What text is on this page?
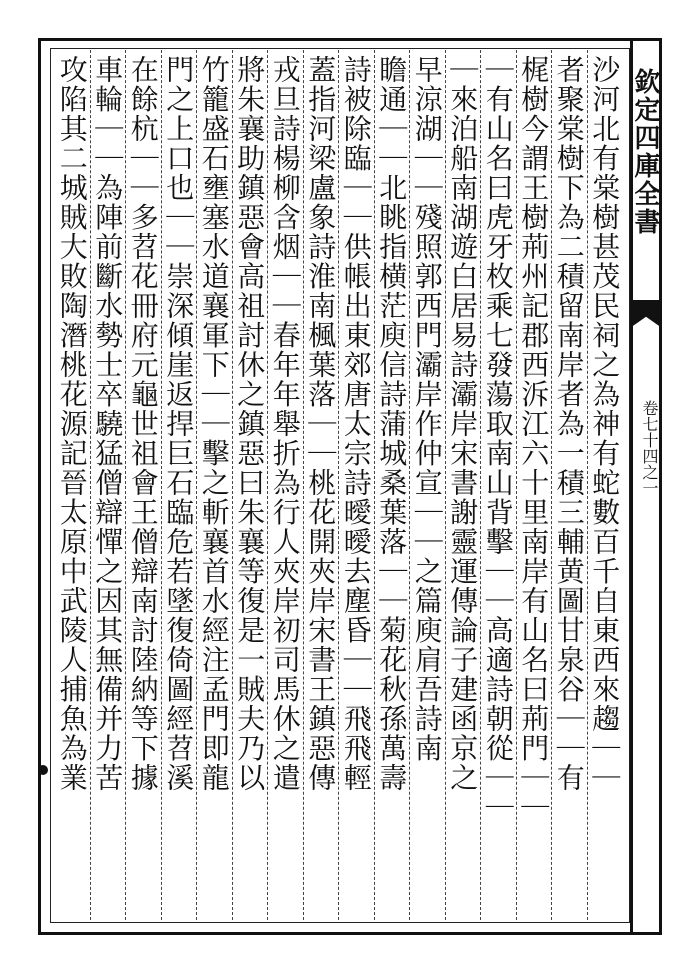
欽定四庫全書
卷七十四之一
沙河北有棠樹甚茂民祠之為神有蛇數百千自東西來趨｜｜
者聚棠樹下為二積留南岸者為一積三輔黄圖甘泉谷｜｜有
梶樹今謂王樹荊州記郡西泝江六十里南岸有山名曰荊門｜｜
｜有山名曰虎牙枚乘七發蕩取南山背擊｜｜高適詩朝從｜｜
｜來泊船南湖遊白居易詩灞岸宋書謝靈運傳論子建函京之
早涼湖｜｜殘照郭西門灞岸作仲宣｜｜之篇庾肩吾詩南
瞻通｜｜北眺指横茫庾信詩蒲城桑葉落｜｜菊花秋孫萬壽
詩被除臨｜｜供帳出東郊唐太宗詩曖曖去塵昏｜｜飛飛輕
蓋指河梁盧象詩淮南楓葉落｜｜桃花開夾岸宋書王鎮惡傳
戎旦詩楊柳含烟｜｜春年年舉折為行人夾岸初司馬休之遣
將朱襄助鎮惡會高祖討休之鎮惡曰朱襄等復是一賊夫乃以
竹籠盛石壅塞水道襄軍下｜｜擊之斬襄首水經注孟門即龍
門之上口也｜｜崇深傾崖返捍巨石臨危若墜復倚圖經苕溪
在餘杭｜｜多苕花冊府元龜世祖會王僧辯南討陸納等下據
車輪｜｜為陣前斷水勢士卒驍猛僧辯憚之因其無備并力苦
攻陷其二城賊大敗陶潛桃花源記晉太原中武陵人捕魚為業
